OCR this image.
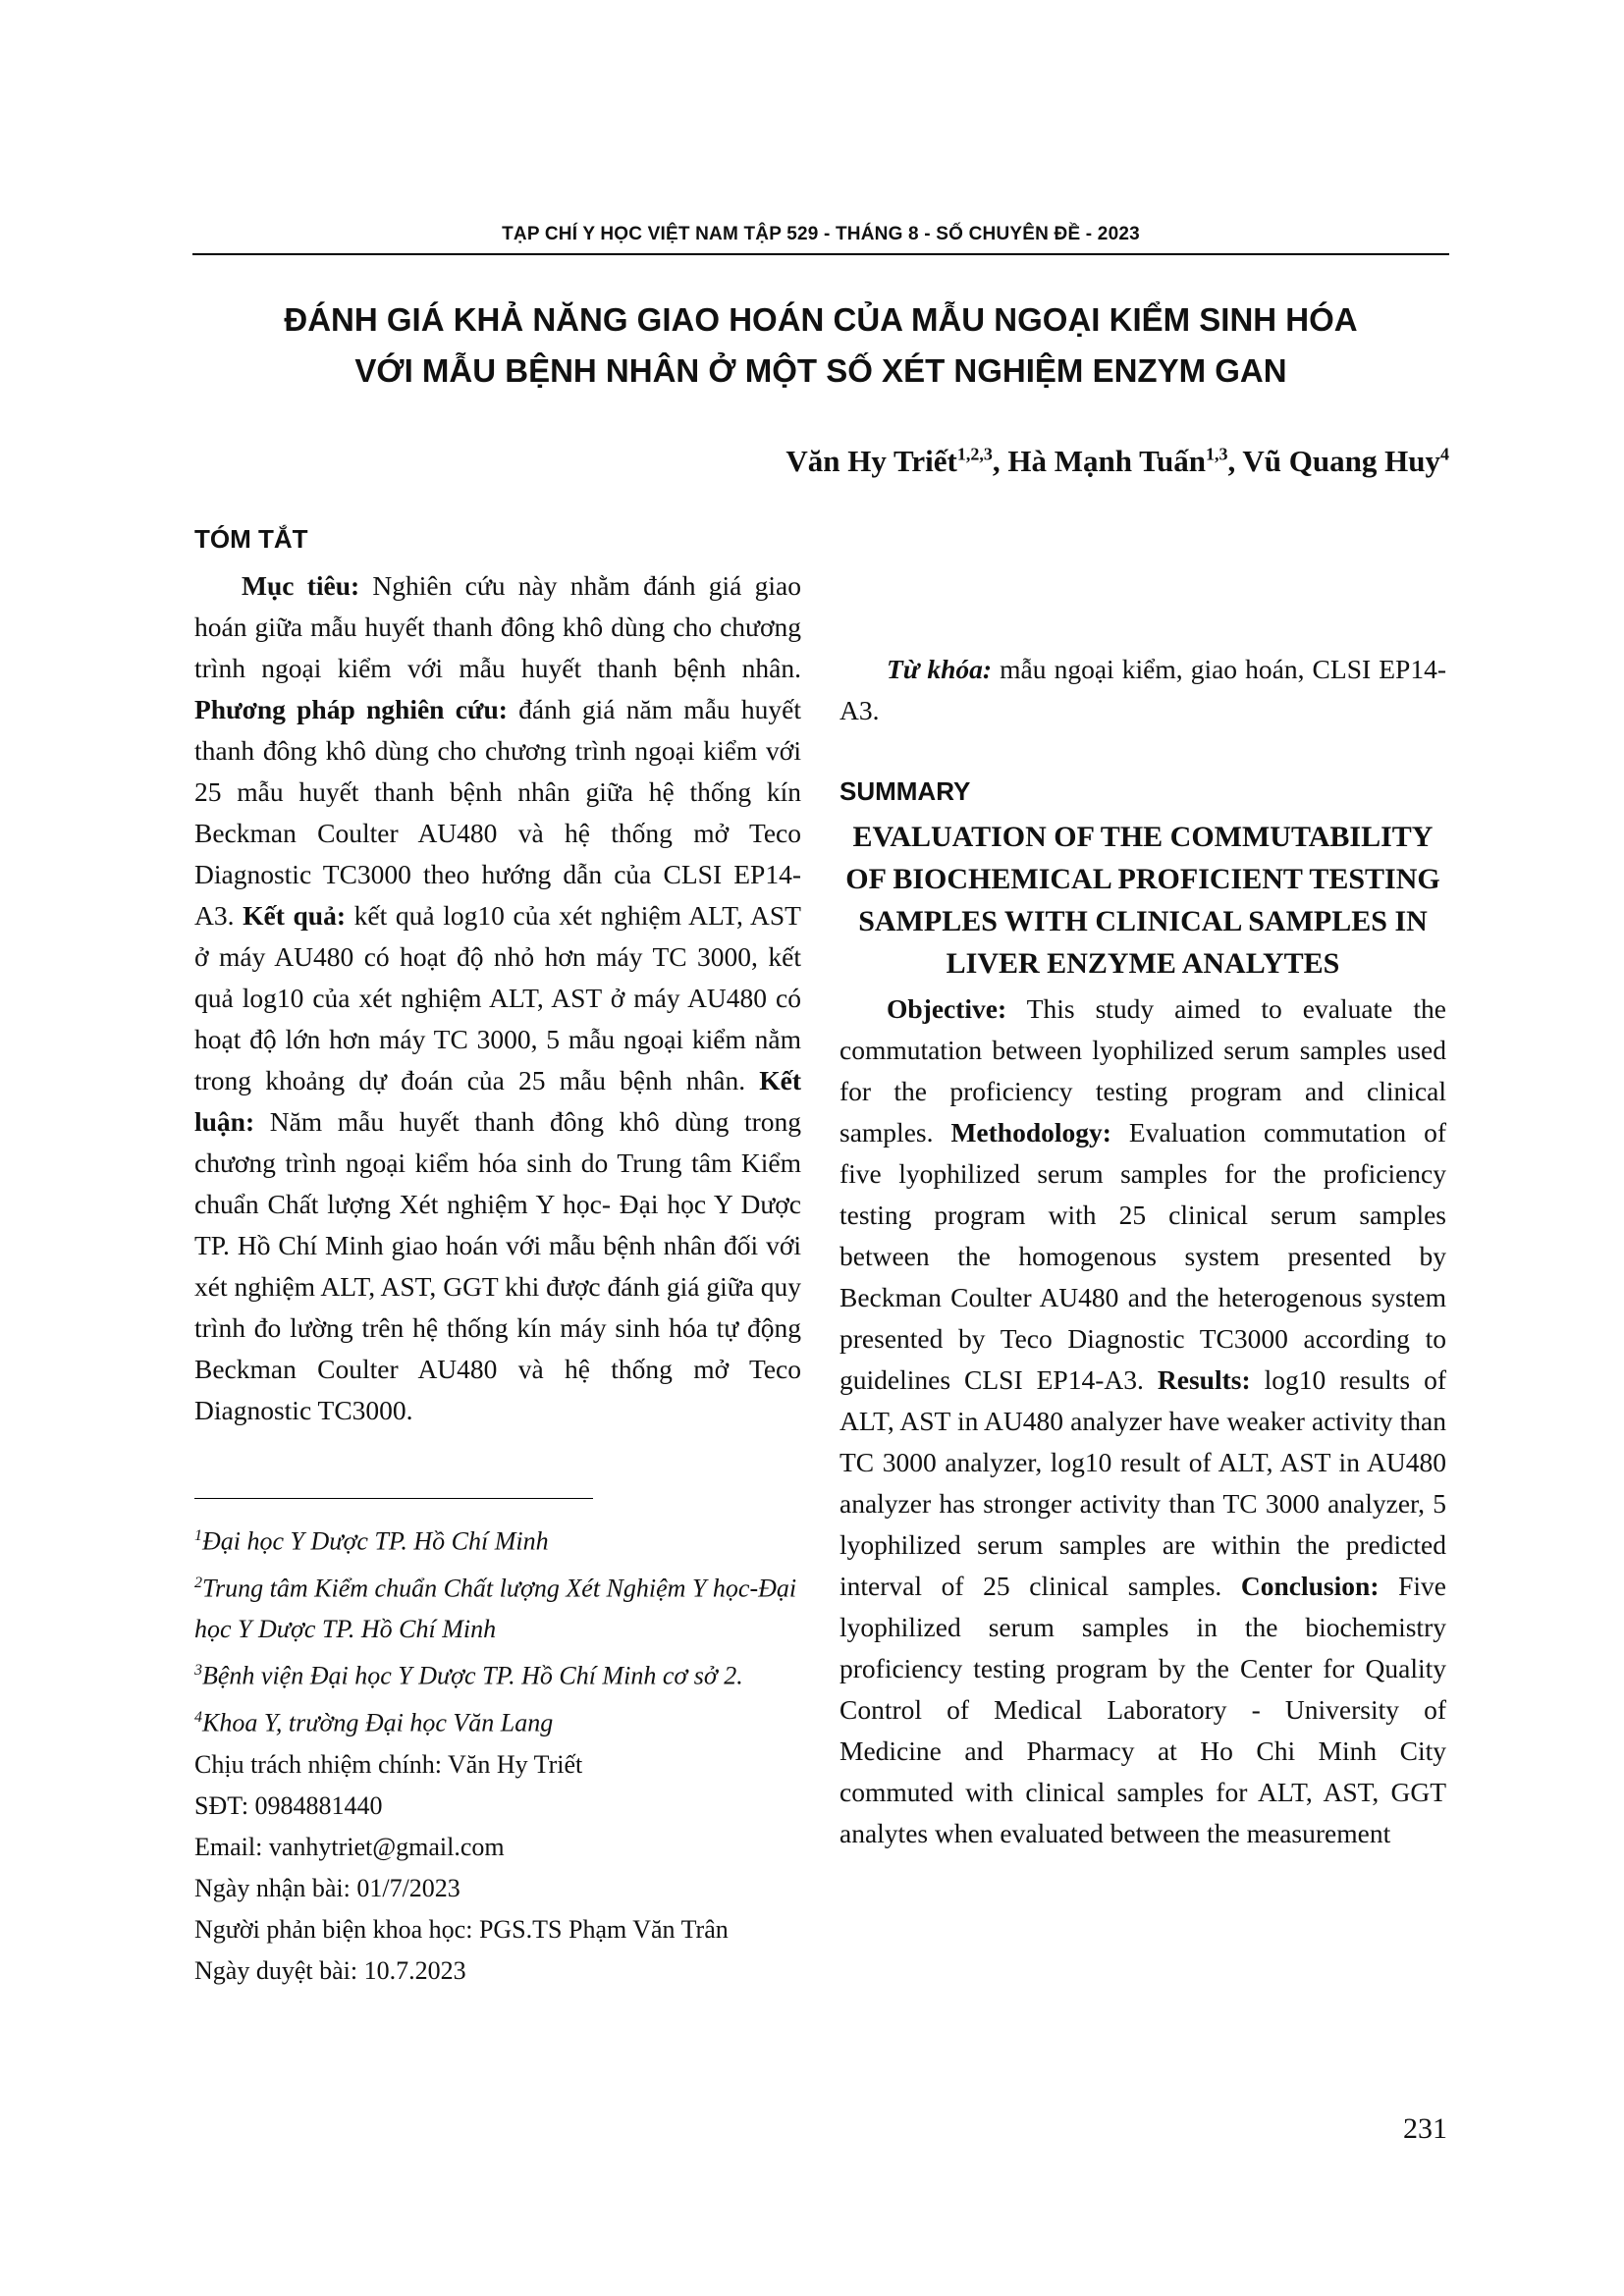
TẠP CHÍ Y HỌC VIỆT NAM TẬP 529 - THÁNG 8 - SỐ CHUYÊN ĐỀ - 2023
ĐÁNH GIÁ KHẢ NĂNG GIAO HOÁN CỦA MẪU NGOẠI KIỂM SINH HÓA
VỚI MẪU BỆNH NHÂN Ở MỘT SỐ XÉT NGHIỆM ENZYM GAN
Văn Hy Triết$^{1,2,3}$, Hà Mạnh Tuấn$^{1,3}$, Vũ Quang Huy$^4$
TÓM TẮT

Mục tiêu: Nghiên cứu này nhằm đánh giá giao hoán giữa mẫu huyết thanh đông khô dùng cho chương trình ngoại kiểm với mẫu huyết thanh bệnh nhân. Phương pháp nghiên cứu: đánh giá năm mẫu huyết thanh đông khô dùng cho chương trình ngoại kiểm với 25 mẫu huyết thanh bệnh nhân giữa hệ thống kín Beckman Coulter AU480 và hệ thống mở Teco Diagnostic TC3000 theo hướng dẫn của CLSI EP14-A3. Kết quả: kết quả log10 của xét nghiệm ALT, AST ở máy AU480 có hoạt độ nhỏ hơn máy TC 3000, kết quả log10 của xét nghiệm ALT, AST ở máy AU480 có hoạt độ lớn hơn máy TC 3000, 5 mẫu ngoại kiểm nằm trong khoảng dự đoán của 25 mẫu bệnh nhân. Kết luận: Năm mẫu huyết thanh đông khô dùng trong chương trình ngoại kiểm hóa sinh do Trung tâm Kiểm chuẩn Chất lượng Xét nghiệm Y học- Đại học Y Dược TP. Hồ Chí Minh giao hoán với mẫu bệnh nhân đối với xét nghiệm ALT, AST, GGT khi được đánh giá giữa quy trình đo lường trên hệ thống kín máy sinh hóa tự động Beckman Coulter AU480 và hệ thống mở Teco Diagnostic TC3000.

$^1$Đại học Y Dược TP. Hồ Chí Minh
$^2$Trung tâm Kiểm chuẩn Chất lượng Xét Nghiệm Y học-Đại học Y Dược TP. Hồ Chí Minh
$^3$Bệnh viện Đại học Y Dược TP. Hồ Chí Minh cơ sở 2.
$^4$Khoa Y, trường Đại học Văn Lang
Chịu trách nhiệm chính: Văn Hy Triết
SĐT: 0984881440
Email: vanhytriet@gmail.com
Ngày nhận bài: 01/7/2023
Người phản biện khoa học: PGS.TS Phạm Văn Trân
Ngày duyệt bài: 10.7.2023

Từ khóa: mẫu ngoại kiểm, giao hoán, CLSI EP14-A3.

SUMMARY
EVALUATION OF THE COMMUTABILITY OF BIOCHEMICAL PROFICIENT TESTING SAMPLES WITH CLINICAL SAMPLES IN LIVER ENZYME ANALYTES

Objective: This study aimed to evaluate the commutation between lyophilized serum samples used for the proficiency testing program and clinical samples. Methodology: Evaluation commutation of five lyophilized serum samples for the proficiency testing program with 25 clinical serum samples between the homogenous system presented by Beckman Coulter AU480 and the heterogenous system presented by Teco Diagnostic TC3000 according to guidelines CLSI EP14-A3. Results: log10 results of ALT, AST in AU480 analyzer have weaker activity than TC 3000 analyzer, log10 result of ALT, AST in AU480 analyzer has stronger activity than TC 3000 analyzer, 5 lyophilized serum samples are within the predicted interval of 25 clinical samples. Conclusion: Five lyophilized serum samples in the biochemistry proficiency testing program by the Center for Quality Control of Medical Laboratory - University of Medicine and Pharmacy at Ho Chi Minh City commuted with clinical samples for ALT, AST, GGT analytes when evaluated between the measurement

231
